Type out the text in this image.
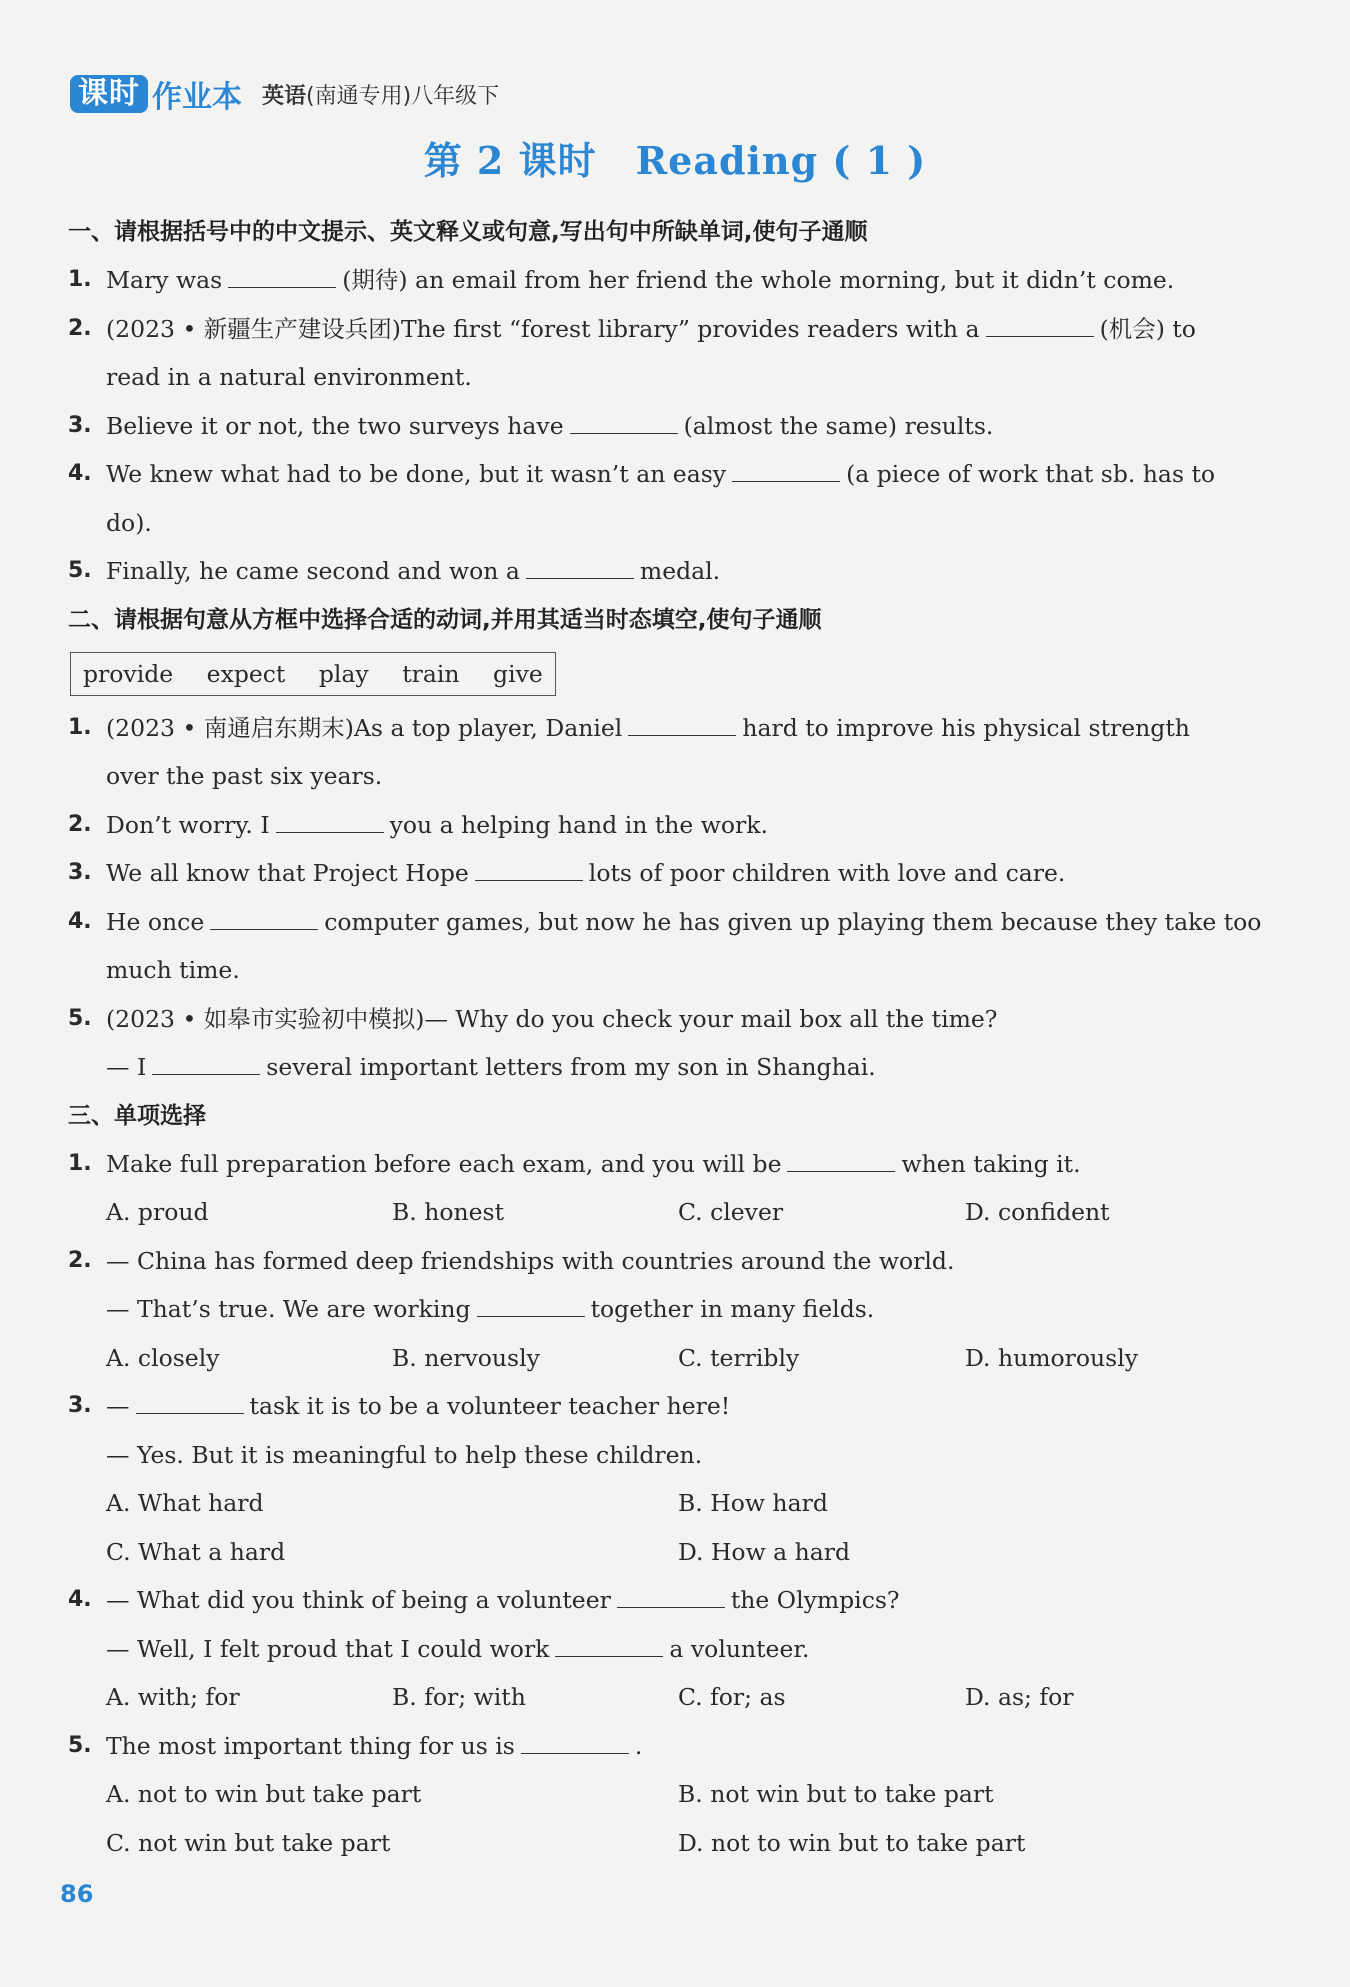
课时 作业本 英语(南通专用)八年级下
第 2 课时　Reading ( 1 )
一、请根据括号中的中文提示、英文释义或句意,写出句中所缺单词,使句子通顺
1. Mary was	(期待) an email from her friend the whole morning, but it didn’t come.
2. (2023 • 新疆生产建设兵团)The first “forest library” provides readers with a	(机会) to
read in a natural environment.
3. Believe it or not, the two surveys have	(almost the same) results.
4. We knew what had to be done, but it wasn’t an easy	(a piece of work that sb. has to
do).
5. Finally, he came second and won a	medal.
二、请根据句意从方框中选择合适的动词,并用其适当时态填空,使句子通顺
provide expect play train give
1. (2023 • 南通启东期末)As a top player, Daniel	hard to improve his physical strength
over the past six years.
2. Don’t worry. I	you a helping hand in the work.
3. We all know that Project Hope	lots of poor children with love and care.
4. He once	computer games, but now he has given up playing them because they take too
much time.
5. (2023 • 如皋市实验初中模拟)— Why do you check your mail box all the time?
— I	several important letters from my son in Shanghai.
三、单项选择
1. Make full preparation before each exam, and you will be	when taking it.
A. proud	B. honest	C. clever	D. confident
2. — China has formed deep friendships with countries around the world.
— That’s true. We are working	together in many fields.
A. closely	B. nervously	C. terribly	D. humorously
3. —	task it is to be a volunteer teacher here!
— Yes. But it is meaningful to help these children.
A. What hard	B. How hard
C. What a hard	D. How a hard
4. — What did you think of being a volunteer	the Olympics?
— Well, I felt proud that I could work	a volunteer.
A. with; for	B. for; with	C. for; as	D. as; for
5. The most important thing for us is	.
A. not to win but take part	B. not win but to take part
C. not win but take part	D. not to win but to take part
86
